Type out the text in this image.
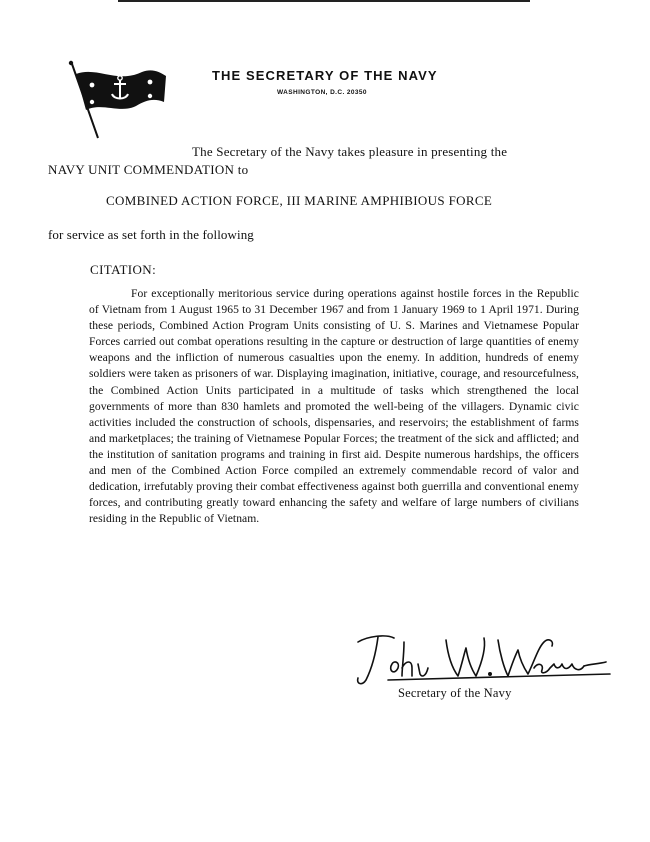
THE SECRETARY OF THE NAVY
WASHINGTON, D.C. 20350
The Secretary of the Navy takes pleasure in presenting the
NAVY UNIT COMMENDATION to
COMBINED ACTION FORCE, III MARINE AMPHIBIOUS FORCE
for service as set forth in the following
CITATION:
For exceptionally meritorious service during operations against hostile forces in the Republic of Vietnam from 1 August 1965 to 31 December 1967 and from 1 January 1969 to 1 April 1971. During these periods, Combined Action Program Units consisting of U. S. Marines and Vietnamese Popular Forces carried out combat operations resulting in the capture or destruction of large quantities of enemy weapons and the infliction of numerous casualties upon the enemy. In addition, hundreds of enemy soldiers were taken as prisoners of war. Displaying imagination, initiative, courage, and resourcefulness, the Combined Action Units participated in a multitude of tasks which strengthened the local governments of more than 830 hamlets and promoted the well-being of the villagers. Dynamic civic activities included the construction of schools, dispensaries, and reservoirs; the establishment of farms and marketplaces; the training of Vietnamese Popular Forces; the treatment of the sick and afflicted; and the institution of sanitation programs and training in first aid. Despite numerous hardships, the officers and men of the Combined Action Force compiled an extremely commendable record of valor and dedication, irrefutably proving their combat effectiveness against both guerrilla and conventional enemy forces, and contributing greatly toward enhancing the safety and welfare of large numbers of civilians residing in the Republic of Vietnam.
Secretary of the Navy
